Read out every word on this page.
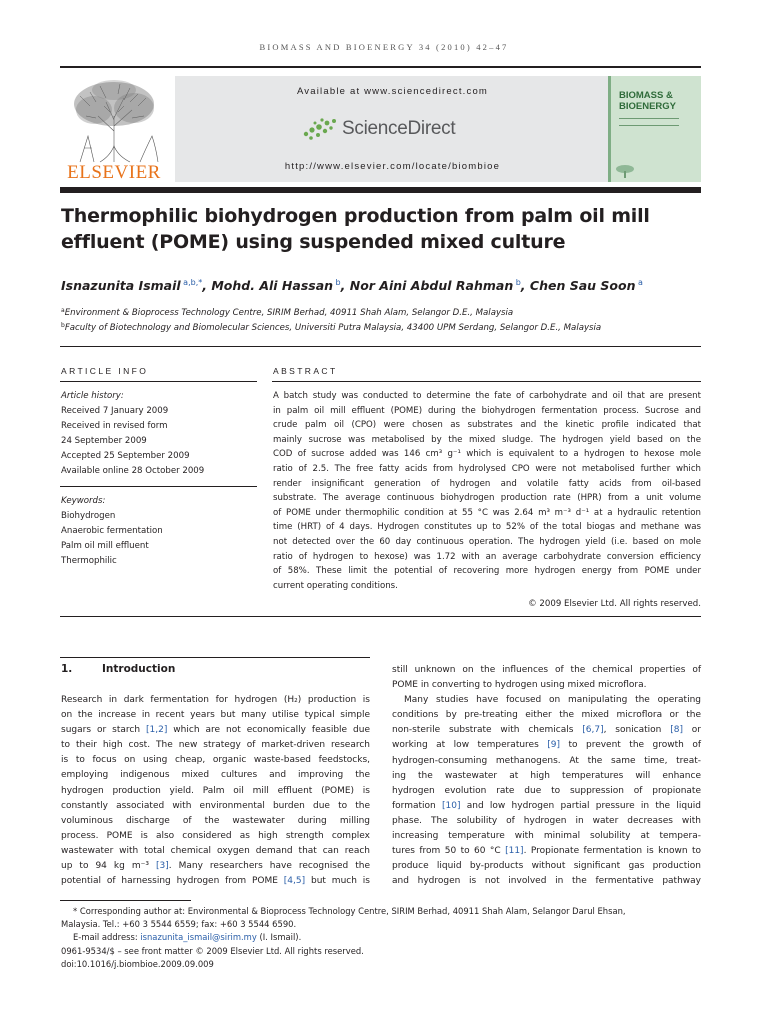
BIOMASS AND BIOENERGY 34 (2010) 42–47
ELSEVIER
Available at www.sciencedirect.com
ScienceDirect
http://www.elsevier.com/locate/biombioe
BIOMASS &
BIOENERGY
Thermophilic biohydrogen production from palm oil mill
effluent (POME) using suspended mixed culture
Isnazunita Ismail  $^{a,b,*}$, Mohd. Ali Hassan  $^b$, Nor Aini Abdul Rahman  $^b$, Chen Sau Soon  $^a$
$^a$Environment & Bioprocess Technology Centre, SIRIM Berhad, 40911 Shah Alam, Selangor D.E., Malaysia
$^b$Faculty of Biotechnology and Biomolecular Sciences, Universiti Putra Malaysia, 43400 UPM Serdang, Selangor D.E., Malaysia
ARTICLE INFO	ABSTRACT
Article history:
Received 7 January 2009
Received in revised form
24 September 2009
Accepted 25 September 2009
Available online 28 October 2009
Keywords:
Biohydrogen
Anaerobic fermentation
Palm oil mill effluent
Thermophilic
A batch study was conducted to determine the fate of carbohydrate and oil that are present
in palm oil mill effluent (POME) during the biohydrogen fermentation process. Sucrose and
crude palm oil (CPO) were chosen as substrates and the kinetic profile indicated that
mainly sucrose was metabolised by the mixed sludge. The hydrogen yield based on the
COD of sucrose added was 146 cm³ g⁻¹ which is equivalent to a hydrogen to hexose mole
ratio of 2.5. The free fatty acids from hydrolysed CPO were not metabolised further which
render insignificant generation of hydrogen and volatile fatty acids from oil-based
substrate. The average continuous biohydrogen production rate (HPR) from a unit volume
of POME under thermophilic condition at 55 °C was 2.64 m³ m⁻³ d⁻¹ at a hydraulic retention
time (HRT) of 4 days. Hydrogen constitutes up to 52% of the total biogas and methane was
not detected over the 60 day continuous operation. The hydrogen yield (i.e. based on mole
ratio of hydrogen to hexose) was 1.72 with an average carbohydrate conversion efficiency
of 58%. These limit the potential of recovering more hydrogen energy from POME under
current operating conditions.
© 2009 Elsevier Ltd. All rights reserved.
1.	Introduction
Research in dark fermentation for hydrogen (H₂) production is
on the increase in recent years but many utilise typical simple
sugars or starch [1,2] which are not economically feasible due
to their high cost. The new strategy of market-driven research
is to focus on using cheap, organic waste-based feedstocks,
employing indigenous mixed cultures and improving the
hydrogen production yield. Palm oil mill effluent (POME) is
constantly associated with environmental burden due to the
voluminous discharge of the wastewater during milling
process. POME is also considered as high strength complex
wastewater with total chemical oxygen demand that can reach
up to 94 kg m⁻³ [3]. Many researchers have recognised the
potential of harnessing hydrogen from POME [4,5] but much is
still unknown on the influences of the chemical properties of
POME in converting to hydrogen using mixed microflora.
Many studies have focused on manipulating the operating
conditions by pre-treating either the mixed microflora or the
non-sterile substrate with chemicals [6,7], sonication [8] or
working at low temperatures [9] to prevent the growth of
hydrogen-consuming methanogens. At the same time, treat-
ing the wastewater at high temperatures will enhance
hydrogen evolution rate due to suppression of propionate
formation [10] and low hydrogen partial pressure in the liquid
phase. The solubility of hydrogen in water decreases with
increasing temperature with minimal solubility at tempera-
tures from 50 to 60 °C [11]. Propionate fermentation is known to
produce liquid by-products without significant gas production
and hydrogen is not involved in the fermentative pathway
* Corresponding author at: Environmental & Bioprocess Technology Centre, SIRIM Berhad, 40911 Shah Alam, Selangor Darul Ehsan,
Malaysia. Tel.: +60 3 5544 6559; fax: +60 3 5544 6590.
E-mail address: isnazunita_ismail@sirim.my (I. Ismail).
0961-9534/$ – see front matter © 2009 Elsevier Ltd. All rights reserved.
doi:10.1016/j.biombioe.2009.09.009
